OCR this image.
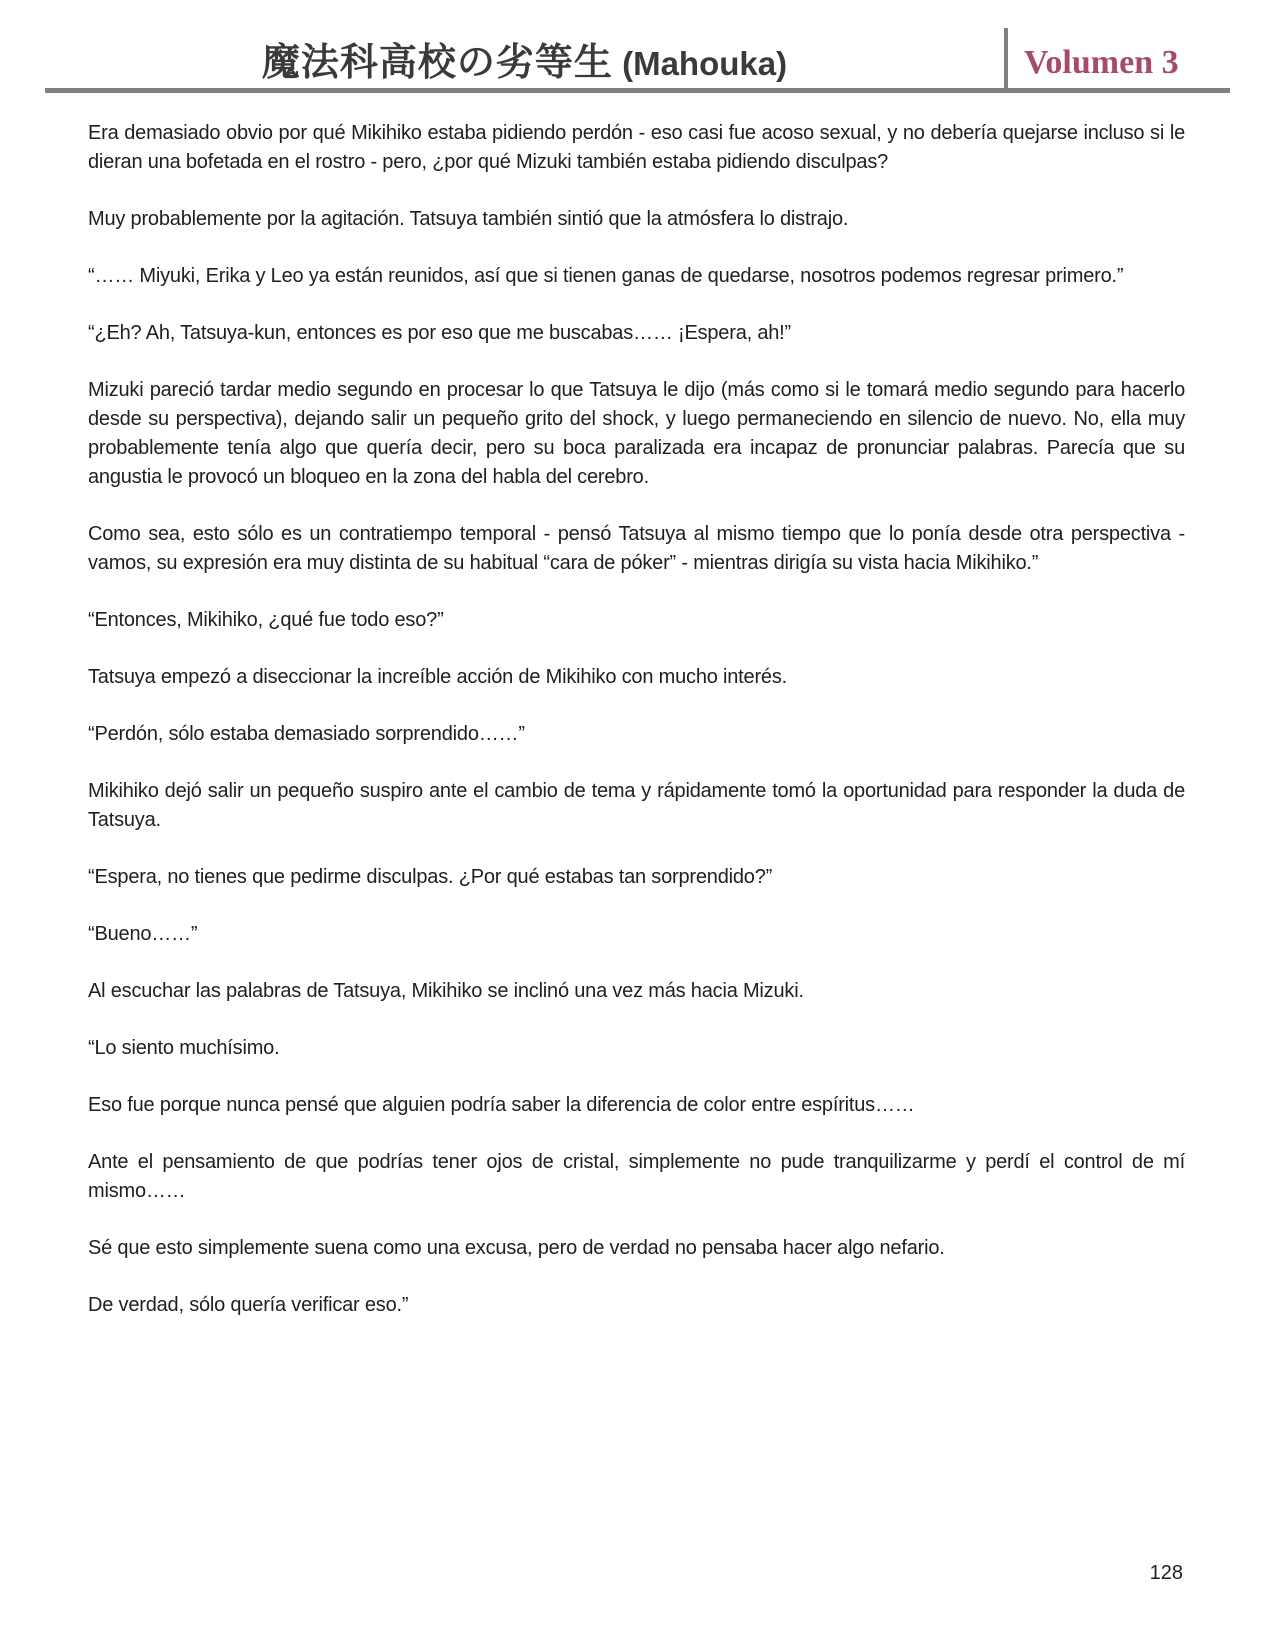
魔法科高校の劣等生 (Mahouka)	Volumen 3

Era demasiado obvio por qué Mikihiko estaba pidiendo perdón - eso casi fue acoso sexual, y no debería quejarse incluso si le dieran una bofetada en el rostro - pero, ¿por qué Mizuki también estaba pidiendo disculpas?

Muy probablemente por la agitación. Tatsuya también sintió que la atmósfera lo distrajo.

“…… Miyuki, Erika y Leo ya están reunidos, así que si tienen ganas de quedarse, nosotros podemos regresar primero.”

“¿Eh? Ah, Tatsuya-kun, entonces es por eso que me buscabas…… ¡Espera, ah!”

Mizuki pareció tardar medio segundo en procesar lo que Tatsuya le dijo (más como si le tomará medio segundo para hacerlo desde su perspectiva), dejando salir un pequeño grito del shock, y luego permaneciendo en silencio de nuevo. No, ella muy probablemente tenía algo que quería decir, pero su boca paralizada era incapaz de pronunciar palabras. Parecía que su angustia le provocó un bloqueo en la zona del habla del cerebro.

Como sea, esto sólo es un contratiempo temporal - pensó Tatsuya al mismo tiempo que lo ponía desde otra perspectiva - vamos, su expresión era muy distinta de su habitual “cara de póker” - mientras dirigía su vista hacia Mikihiko.”

“Entonces, Mikihiko, ¿qué fue todo eso?”

Tatsuya empezó a diseccionar la increíble acción de Mikihiko con mucho interés.

“Perdón, sólo estaba demasiado sorprendido……”

Mikihiko dejó salir un pequeño suspiro ante el cambio de tema y rápidamente tomó la oportunidad para responder la duda de Tatsuya.

“Espera, no tienes que pedirme disculpas. ¿Por qué estabas tan sorprendido?”

“Bueno……”

Al escuchar las palabras de Tatsuya, Mikihiko se inclinó una vez más hacia Mizuki.

“Lo siento muchísimo.

Eso fue porque nunca pensé que alguien podría saber la diferencia de color entre espíritus……

Ante el pensamiento de que podrías tener ojos de cristal, simplemente no pude tranquilizarme y perdí el control de mí mismo……

Sé que esto simplemente suena como una excusa, pero de verdad no pensaba hacer algo nefario.

De verdad, sólo quería verificar eso.”

128
